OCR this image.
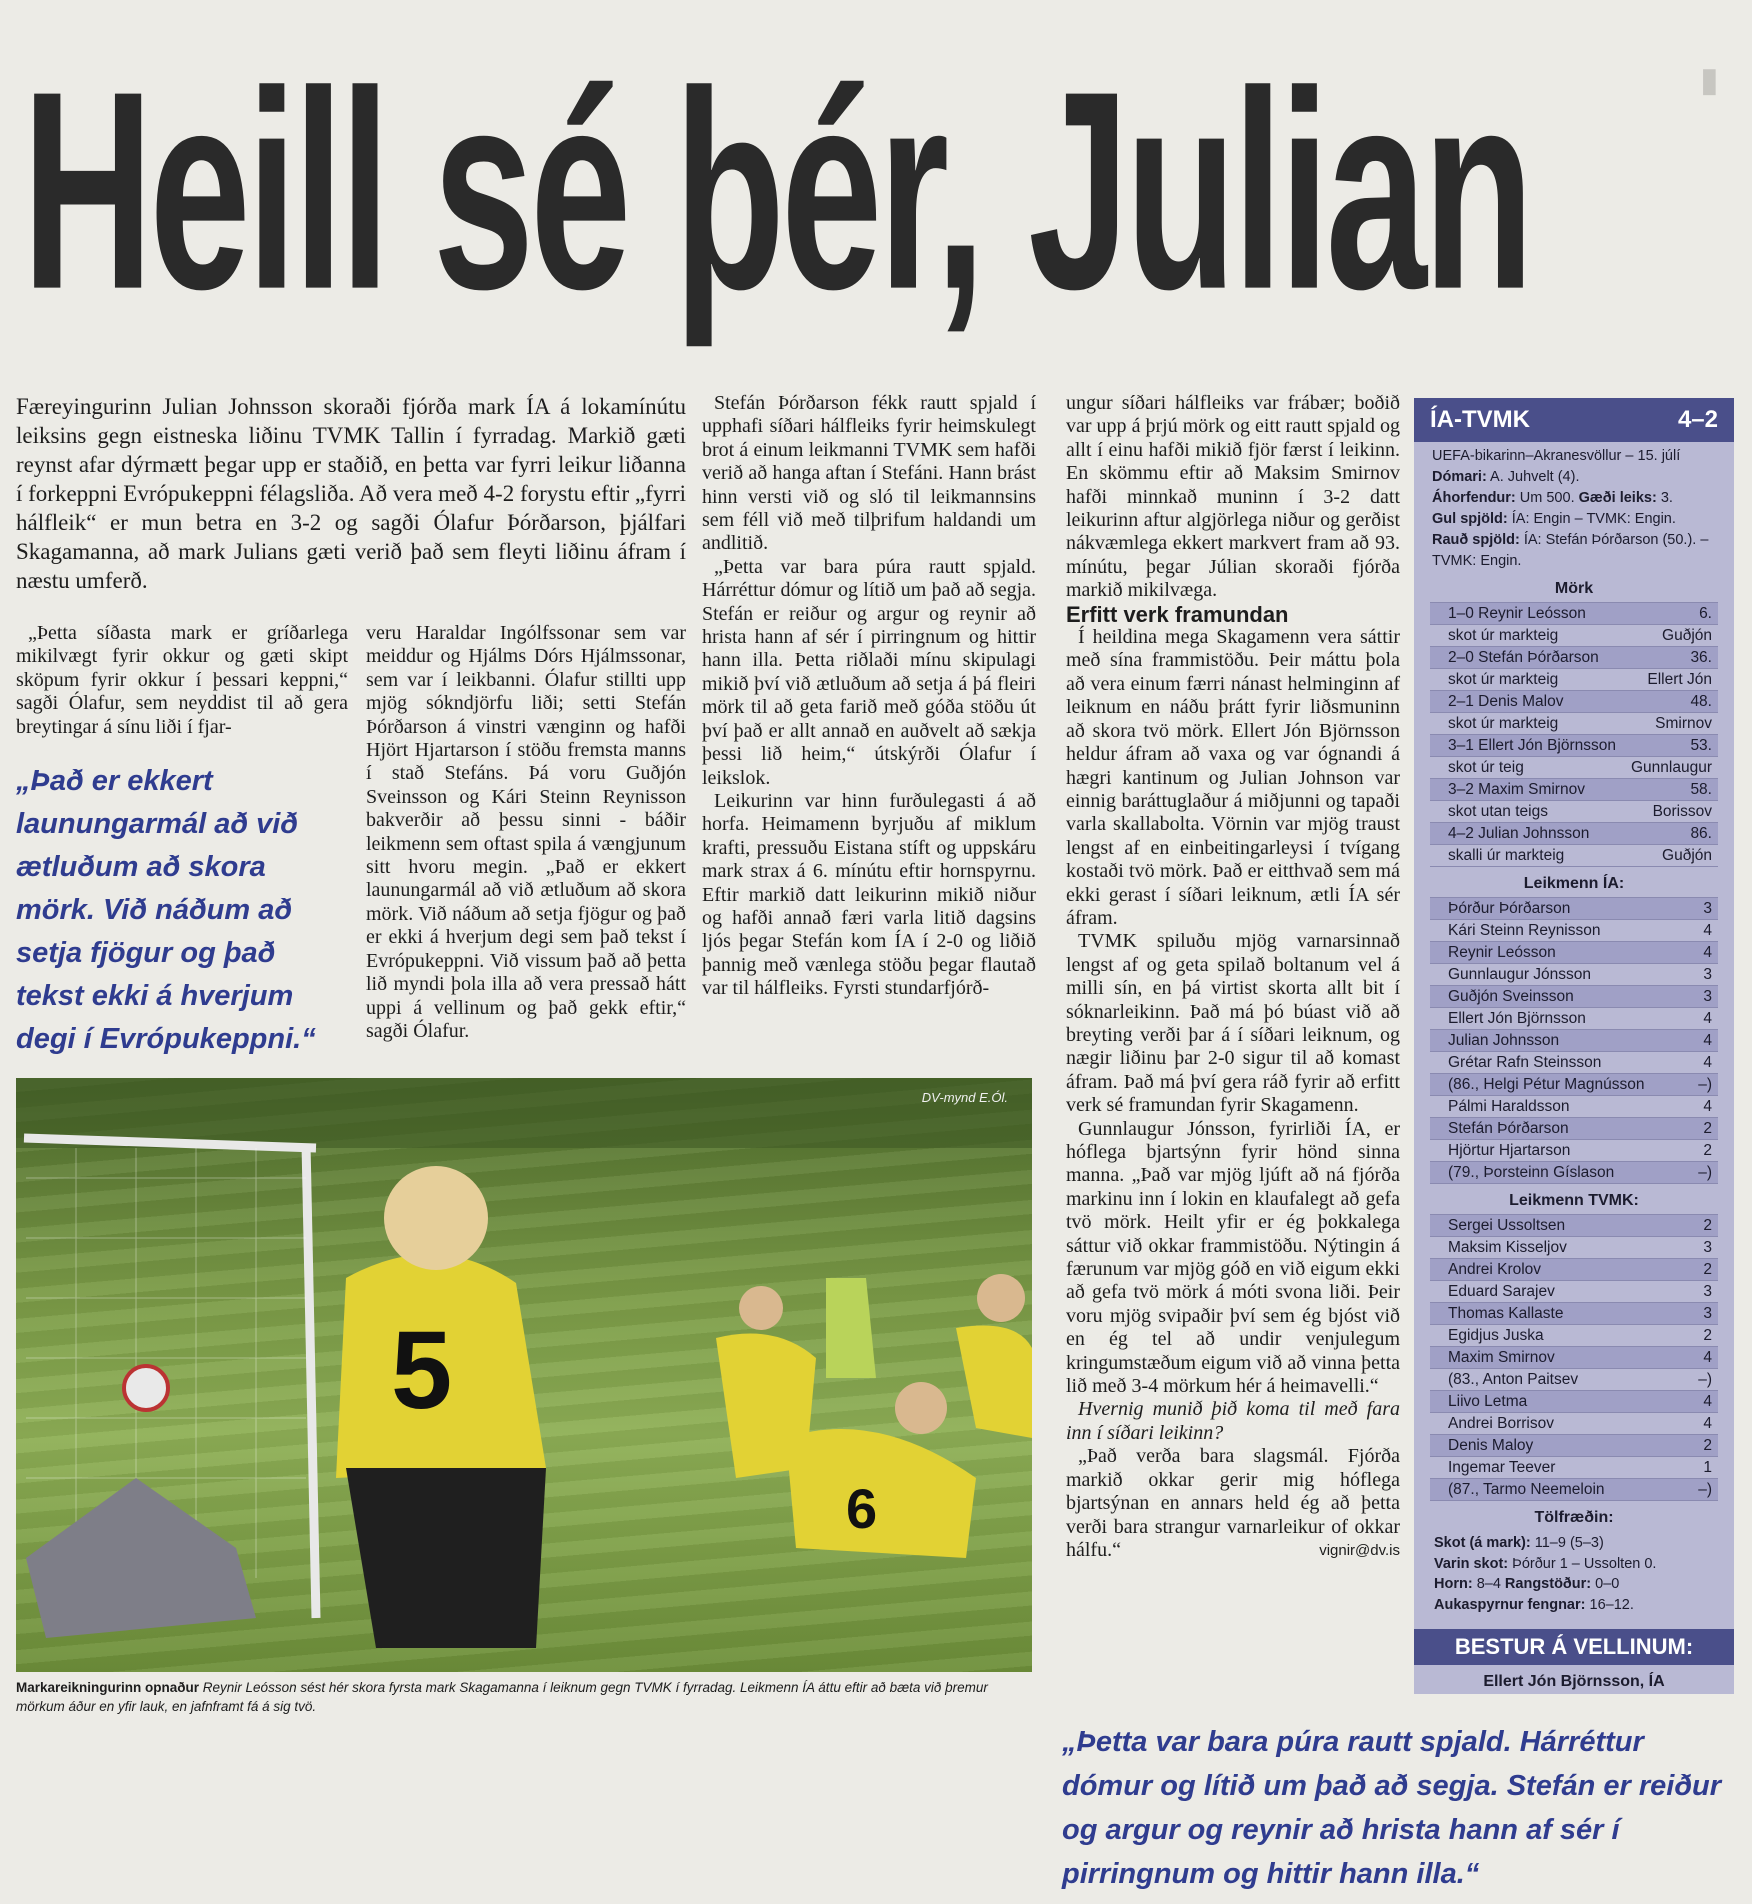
Heill sé þér, Julian	▮

Færeyingurinn Julian Johnsson skoraði fjórða mark ÍA á lokamínútu leiksins gegn eistneska liðinu TVMK Tallin í fyrradag. Markið gæti reynst afar dýrmætt þegar upp er staðið, en þetta var fyrri leikur liðanna í forkeppni Evrópukeppni félagsliða. Að vera með 4-2 forystu eftir „fyrri hálfleik“ er mun betra en 3-2 og sagði Ólafur Þórðarson, þjálfari Skagamanna, að mark Julians gæti verið það sem fleyti liðinu áfram í næstu umferð.

„Þetta síðasta mark er gríðarlega mikilvægt fyrir okkur og gæti skipt sköpum fyrir okkur í þessari keppni,“ sagði Ólafur, sem neyddist til að gera breytingar á sínu liði í fjar-

„Það er ekkert launungarmál að við ætluðum að skora mörk. Við náðum að setja fjögur og það tekst ekki á hverjum degi í Evrópukeppni.“

veru Haraldar Ingólfssonar sem var meiddur og Hjálms Dórs Hjálmssonar, sem var í leikbanni. Ólafur stillti upp mjög sókndjörfu liði; setti Stefán Þórðarson á vinstri vænginn og hafði Hjört Hjartarson í stöðu fremsta manns í stað Stefáns. Þá voru Guðjón Sveinsson og Kári Steinn Reynisson bakverðir að þessu sinni - báðir leikmenn sem oftast spila á vængjunum sitt hvoru megin. „Það er ekkert launungarmál að við ætluðum að skora mörk. Við náðum að setja fjögur og það er ekki á hverjum degi sem það tekst í Evrópukeppni. Við vissum það að þetta lið myndi þola illa að vera pressað hátt uppi á vellinum og það gekk eftir,“ sagði Ólafur.

Stefán Þórðarson fékk rautt spjald í upphafi síðari hálfleiks fyrir heimskulegt brot á einum leikmanni TVMK sem hafði verið að hanga aftan í Stefáni. Hann brást hinn versti við og sló til leikmannsins sem féll við með tilþrifum haldandi um andlitið.

„Þetta var bara púra rautt spjald. Hárréttur dómur og lítið um það að segja. Stefán er reiður og argur og reynir að hrista hann af sér í pirringnum og hittir hann illa. Þetta riðlaði mínu skipulagi mikið því við ætluðum að setja á þá fleiri mörk til að geta farið með góða stöðu út því það er allt annað en auðvelt að sækja þessi lið heim,“ útskýrði Ólafur í leikslok.

Leikurinn var hinn furðulegasti á að horfa. Heimamenn byrjuðu af miklum krafti, pressuðu Eistana stíft og uppskáru mark strax á 6. mínútu eftir hornspyrnu. Eftir markið datt leikurinn mikið niður og hafði annað færi varla litið dagsins ljós þegar Stefán kom ÍA í 2-0 og liðið þannig með vænlega stöðu þegar flautað var til hálfleiks. Fyrsti stundarfjórð-

ungur síðari hálfleiks var frábær; boðið var upp á þrjú mörk og eitt rautt spjald og allt í einu hafði mikið fjör færst í leikinn. En skömmu eftir að Maksim Smirnov hafði minnkað muninn í 3-2 datt leikurinn aftur algjörlega niður og gerðist nákvæmlega ekkert markvert fram að 93. mínútu, þegar Júlian skoraði fjórða markið mikilvæga.

Erfitt verk framundan

Í heildina mega Skagamenn vera sáttir með sína frammistöðu. Þeir máttu þola að vera einum færri nánast helminginn af leiknum en náðu þrátt fyrir liðsmuninn að skora tvö mörk. Ellert Jón Björnsson heldur áfram að vaxa og var ógnandi á hægri kantinum og Julian Johnson var einnig baráttuglaður á miðjunni og tapaði varla skallabolta. Vörnin var mjög traust lengst af en einbeitingarleysi í tvígang kostaði tvö mörk. Það er eitthvað sem má ekki gerast í síðari leiknum, ætli ÍA sér áfram.

TVMK spiluðu mjög varnarsinnað lengst af og geta spilað boltanum vel á milli sín, en þá virtist skorta allt bit í sóknarleikinn. Það má þó búast við að breyting verði þar á í síðari leiknum, og nægir liðinu þar 2-0 sigur til að komast áfram. Það má því gera ráð fyrir að erfitt verk sé framundan fyrir Skagamenn.

Gunnlaugur Jónsson, fyrirliði ÍA, er hóflega bjartsýnn fyrir hönd sinna manna. „Það var mjög ljúft að ná fjórða markinu inn í lokin en klaufalegt að gefa tvö mörk. Heilt yfir er ég þokkalega sáttur við okkar frammistöðu. Nýtingin á færunum var mjög góð en við eigum ekki að gefa tvö mörk á móti svona liði. Þeir voru mjög svipaðir því sem ég bjóst við en ég tel að undir venjulegum kringumstæðum eigum við að vinna þetta lið með 3-4 mörkum hér á heimavelli.“

Hvernig munið þið koma til með fara inn í síðari leikinn?

„Það verða bara slagsmál. Fjórða markið okkar gerir mig hóflega bjartsýnan en annars held ég að þetta verði bara strangur varnarleikur of okkar hálfu.“	vignir@dv.is

5
6
DV-mynd E.Ól.

Markareikningurinn opnaður Reynir Leósson sést hér skora fyrsta mark Skagamanna í leiknum gegn TVMK í fyrradag. Leikmenn ÍA áttu eftir að bæta við þremur mörkum áður en yfir lauk, en jafnframt fá á sig tvö.

„Þetta var bara púra rautt spjald. Hárréttur dómur og lítið um það að segja. Stefán er reiður og argur og reynir að hrista hann af sér í pirringnum og hittir hann illa.“

ÍA-TVMK	4–2
UEFA-bikarinn–Akranesvöllur – 15. júlí
Dómari: A. Juhvelt (4).
Áhorfendur: Um 500. Gæði leiks: 3.
Gul spjöld: ÍA: Engin – TVMK: Engin.
Rauð spjöld: ÍA: Stefán Þórðarson (50.). – TVMK: Engin.
Mörk
1–0 Reynir Leósson	6.
skot úr markteig	Guðjón
2–0 Stefán Þórðarson	36.
skot úr markteig	Ellert Jón
2–1 Denis Malov	48.
skot úr markteig	Smirnov
3–1 Ellert Jón Björnsson	53.
skot úr teig	Gunnlaugur
3–2 Maxim Smirnov	58.
skot utan teigs	Borissov
4–2 Julian Johnsson	86.
skalli úr markteig	Guðjón
Leikmenn ÍA:
Þórður Þórðarson	3
Kári Steinn Reynisson	4
Reynir Leósson	4
Gunnlaugur Jónsson	3
Guðjón Sveinsson	3
Ellert Jón Björnsson	4
Julian Johnsson	4
Grétar Rafn Steinsson	4
(86., Helgi Pétur Magnússon	–)
Pálmi Haraldsson	4
Stefán Þórðarson	2
Hjörtur Hjartarson	2
(79., Þorsteinn Gíslason	–)
Leikmenn TVMK:
Sergei Ussoltsen	2
Maksim Kisseljov	3
Andrei Krolov	2
Eduard Sarajev	3
Thomas Kallaste	3
Egidjus Juska	2
Maxim Smirnov	4
(83., Anton Paitsev	–)
Liivo Letma	4
Andrei Borrisov	4
Denis Maloy	2
Ingemar Teever	1
(87., Tarmo Neemeloin	–)
Tölfræðin:
Skot (á mark): 11–9 (5–3)
Varin skot: Þórður 1 – Ussolten 0.
Horn: 8–4 Rangstöður: 0–0
Aukaspyrnur fengnar: 16–12.
BESTUR Á VELLINUM:
Ellert Jón Björnsson, ÍA
